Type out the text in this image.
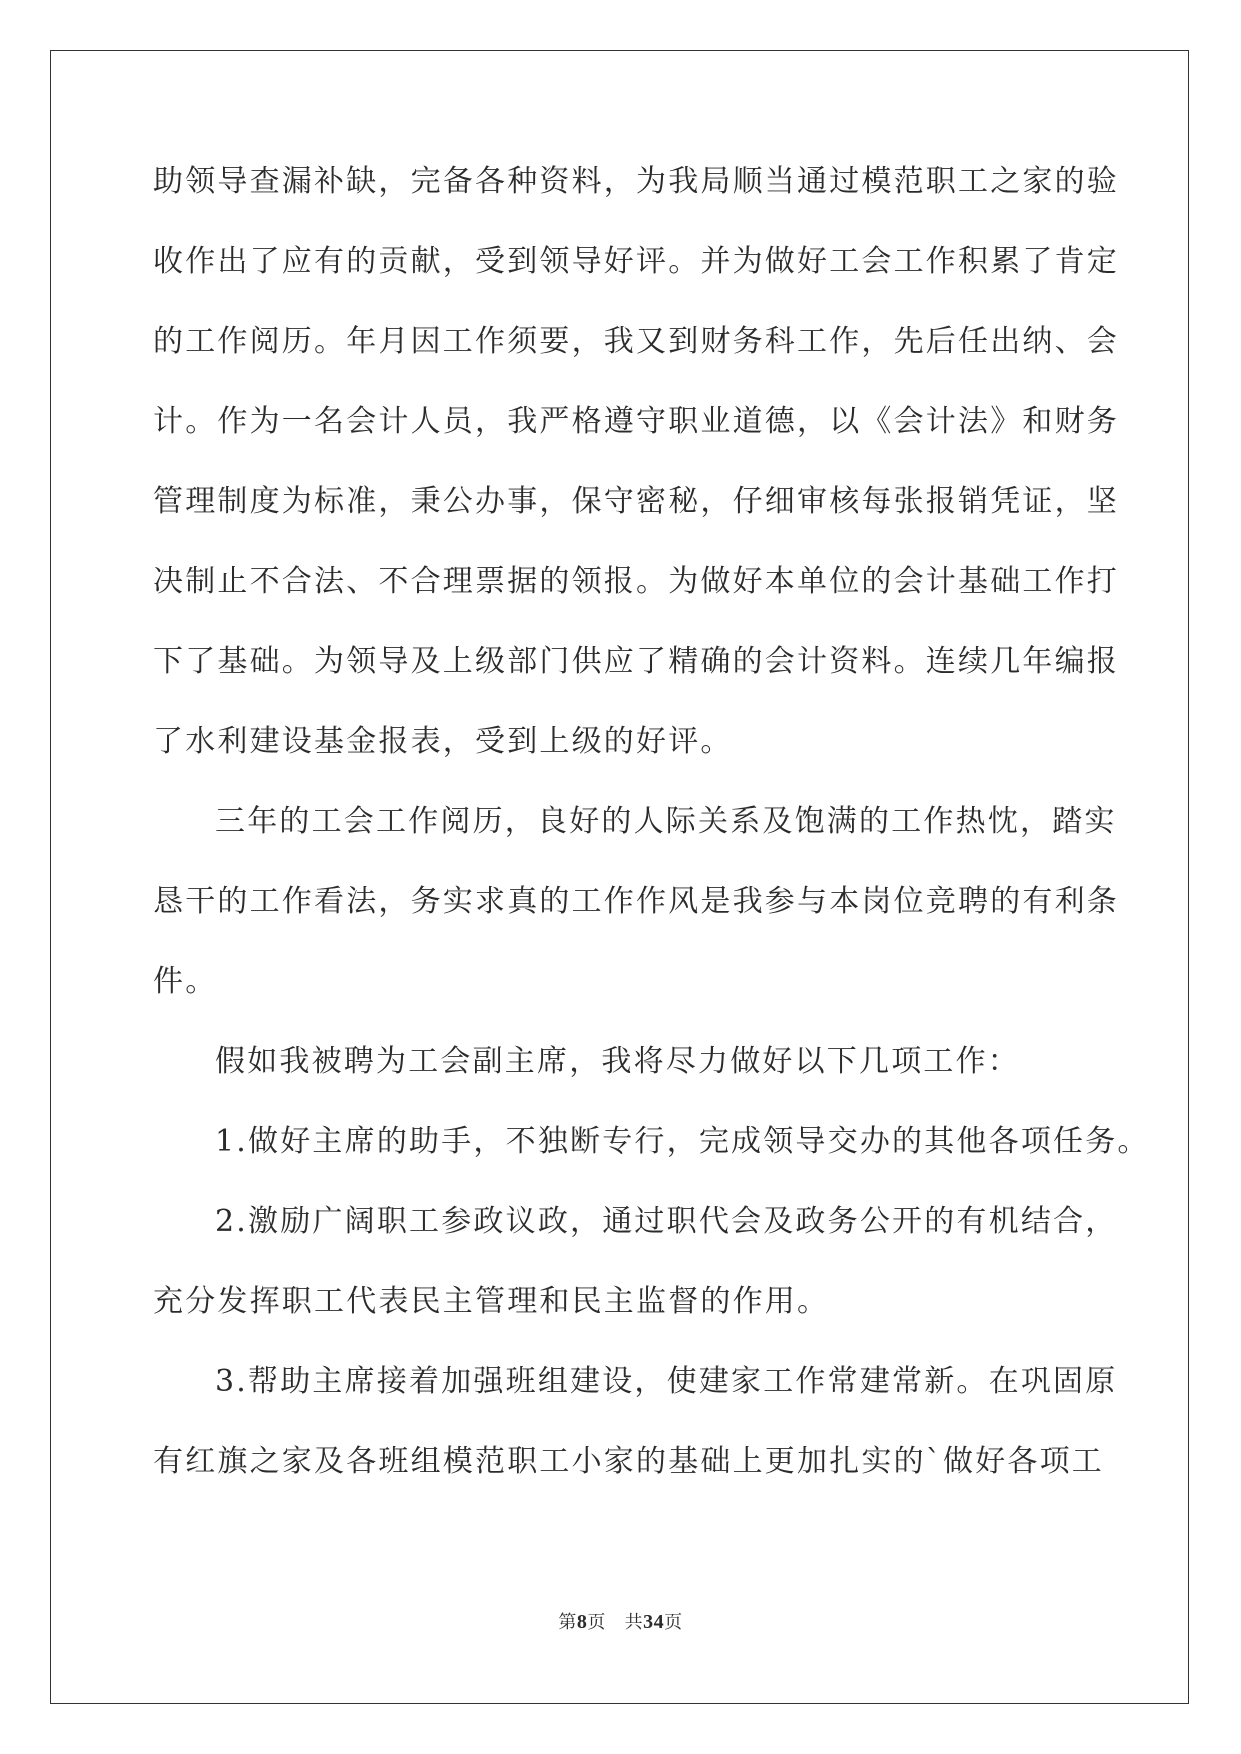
助领导查漏补缺，完备各种资料，为我局顺当通过模范职工之家的验
收作出了应有的贡献，受到领导好评。并为做好工会工作积累了肯定
的工作阅历。年月因工作须要，我又到财务科工作，先后任出纳、会
计。作为一名会计人员，我严格遵守职业道德，以《会计法》和财务
管理制度为标准，秉公办事，保守密秘，仔细审核每张报销凭证，坚
决制止不合法、不合理票据的领报。为做好本单位的会计基础工作打
下了基础。为领导及上级部门供应了精确的会计资料。连续几年编报
了水利建设基金报表，受到上级的好评。
三年的工会工作阅历，良好的人际关系及饱满的工作热忱，踏实
恳干的工作看法，务实求真的工作作风是我参与本岗位竞聘的有利条
件。
假如我被聘为工会副主席，我将尽力做好以下几项工作：
1.做好主席的助手，不独断专行，完成领导交办的其他各项任务。
2.激励广阔职工参政议政，通过职代会及政务公开的有机结合，
充分发挥职工代表民主管理和民主监督的作用。
3.帮助主席接着加强班组建设，使建家工作常建常新。在巩固原
有红旗之家及各班组模范职工小家的基础上更加扎实的`做好各项工
第8页 共34页
